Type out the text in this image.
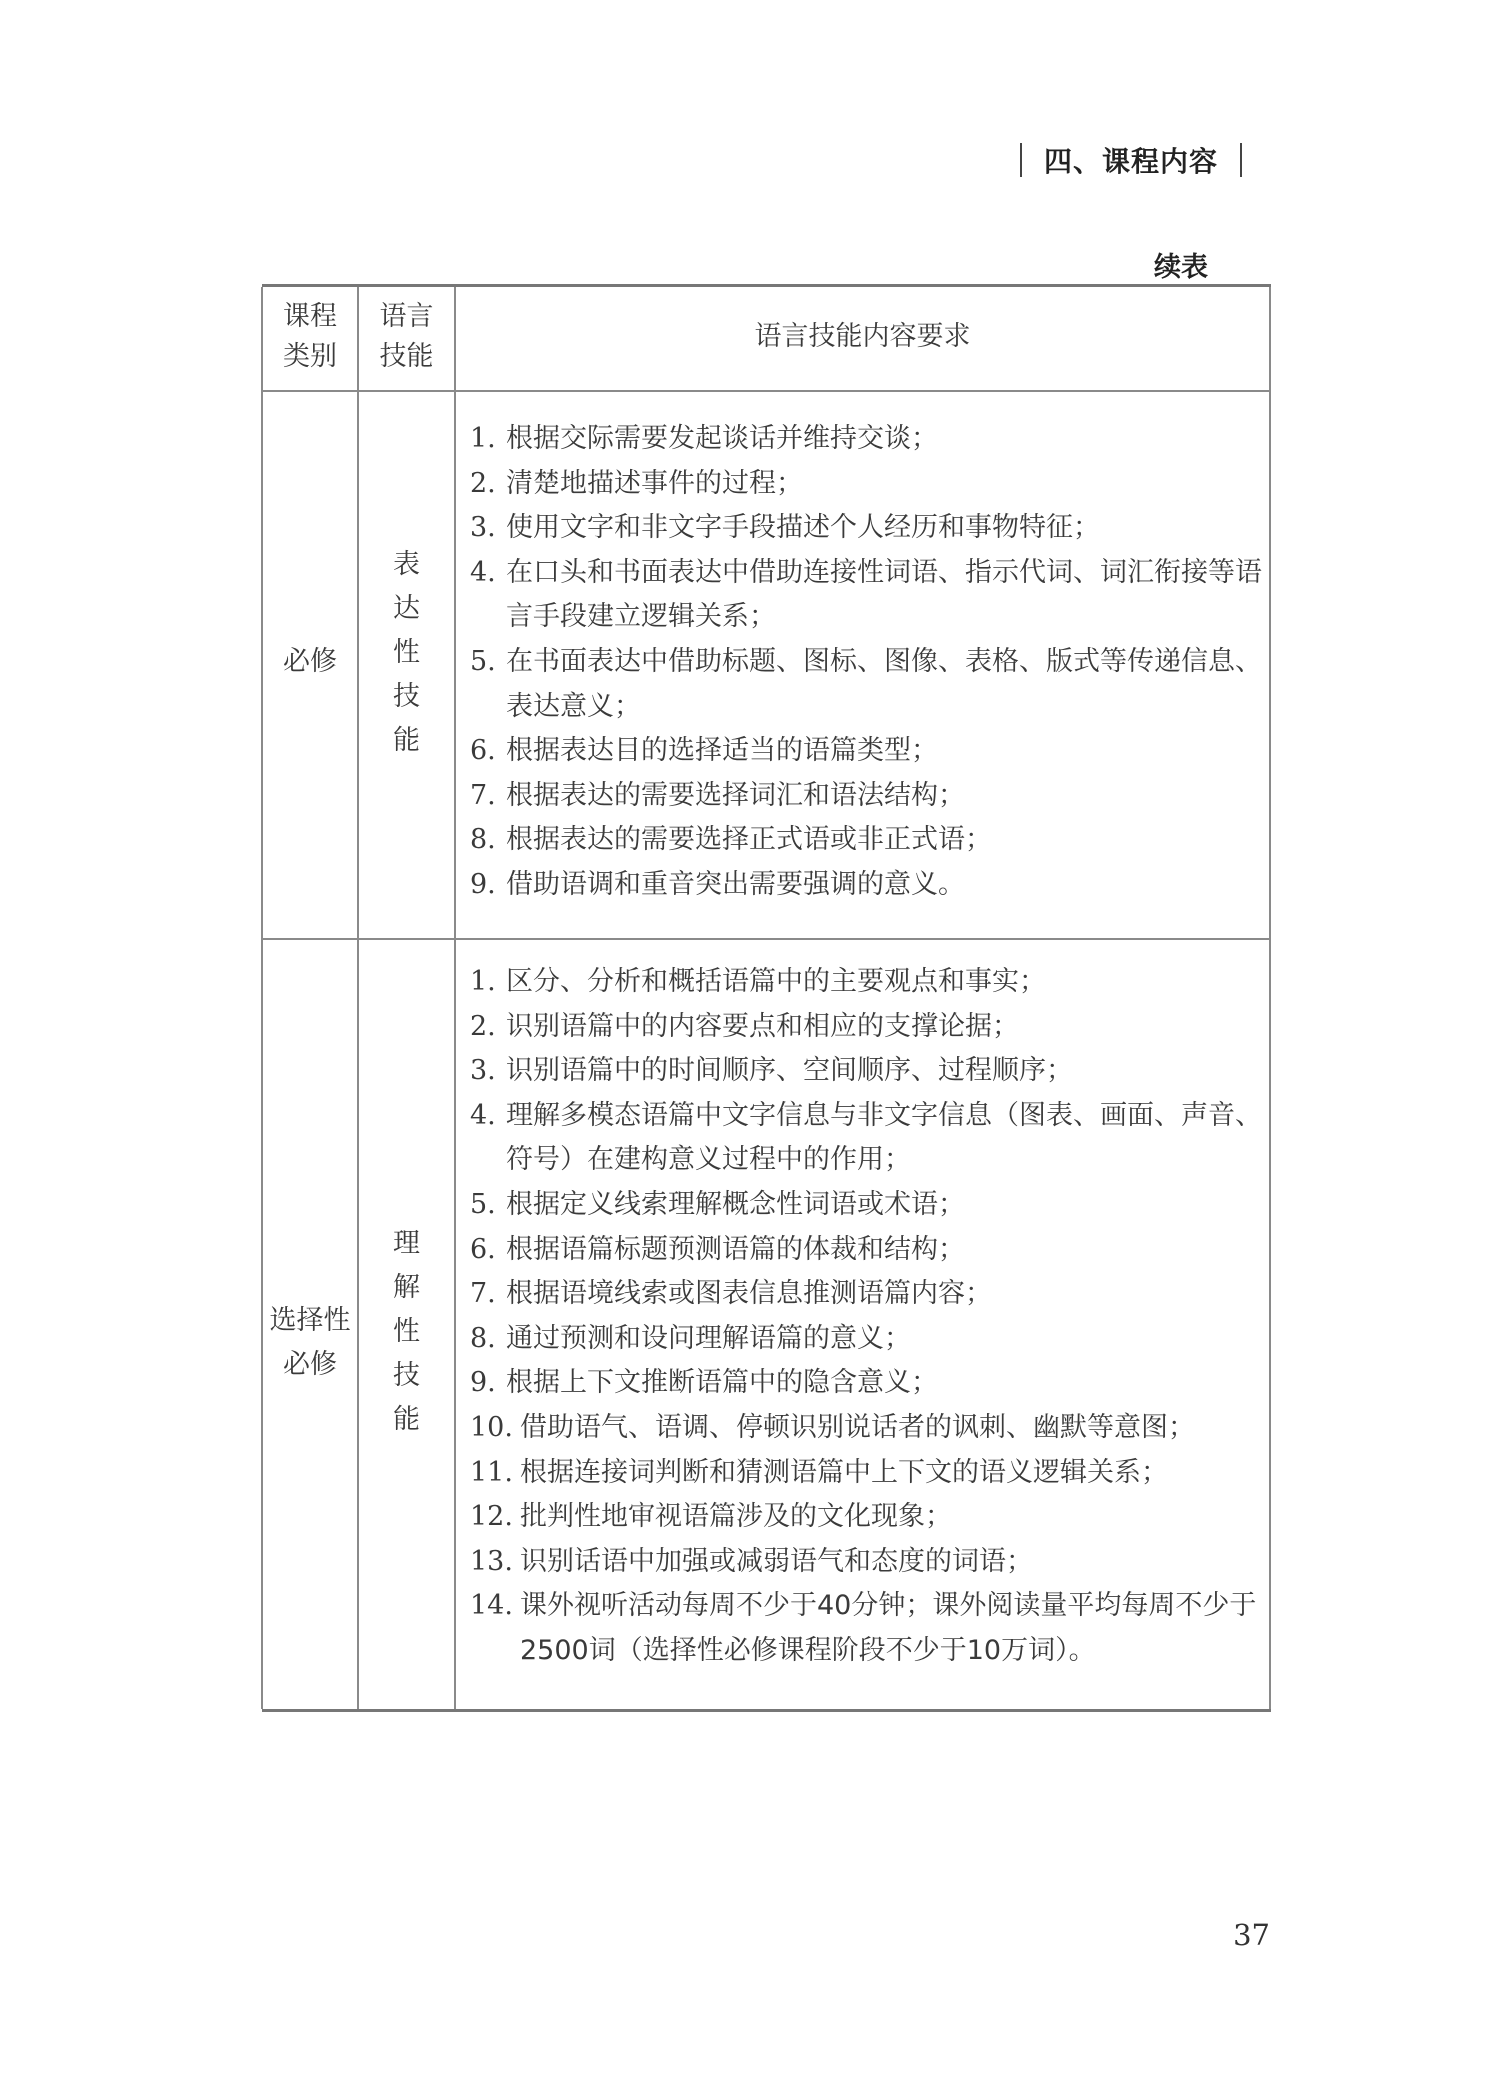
四、课程内容
续表
课程
类别
语言
技能
语言技能内容要求
必修
表
达
性
技
能
1. 根据交际需要发起谈话并维持交谈；
2. 清楚地描述事件的过程；
3. 使用文字和非文字手段描述个人经历和事物特征；
4. 在口头和书面表达中借助连接性词语、指示代词、词汇衔接等语言手段建立逻辑关系；
5. 在书面表达中借助标题、图标、图像、表格、版式等传递信息、表达意义；
6. 根据表达目的选择适当的语篇类型；
7. 根据表达的需要选择词汇和语法结构；
8. 根据表达的需要选择正式语或非正式语；
9. 借助语调和重音突出需要强调的意义。
选择性
必修
理
解
性
技
能
1. 区分、分析和概括语篇中的主要观点和事实；
2. 识别语篇中的内容要点和相应的支撑论据；
3. 识别语篇中的时间顺序、空间顺序、过程顺序；
4. 理解多模态语篇中文字信息与非文字信息（图表、画面、声音、符号）在建构意义过程中的作用；
5. 根据定义线索理解概念性词语或术语；
6. 根据语篇标题预测语篇的体裁和结构；
7. 根据语境线索或图表信息推测语篇内容；
8. 通过预测和设问理解语篇的意义；
9. 根据上下文推断语篇中的隐含意义；
10. 借助语气、语调、停顿识别说话者的讽刺、幽默等意图；
11. 根据连接词判断和猜测语篇中上下文的语义逻辑关系；
12. 批判性地审视语篇涉及的文化现象；
13. 识别话语中加强或减弱语气和态度的词语；
14. 课外视听活动每周不少于40分钟；课外阅读量平均每周不少于2500词（选择性必修课程阶段不少于10万词）。
37
